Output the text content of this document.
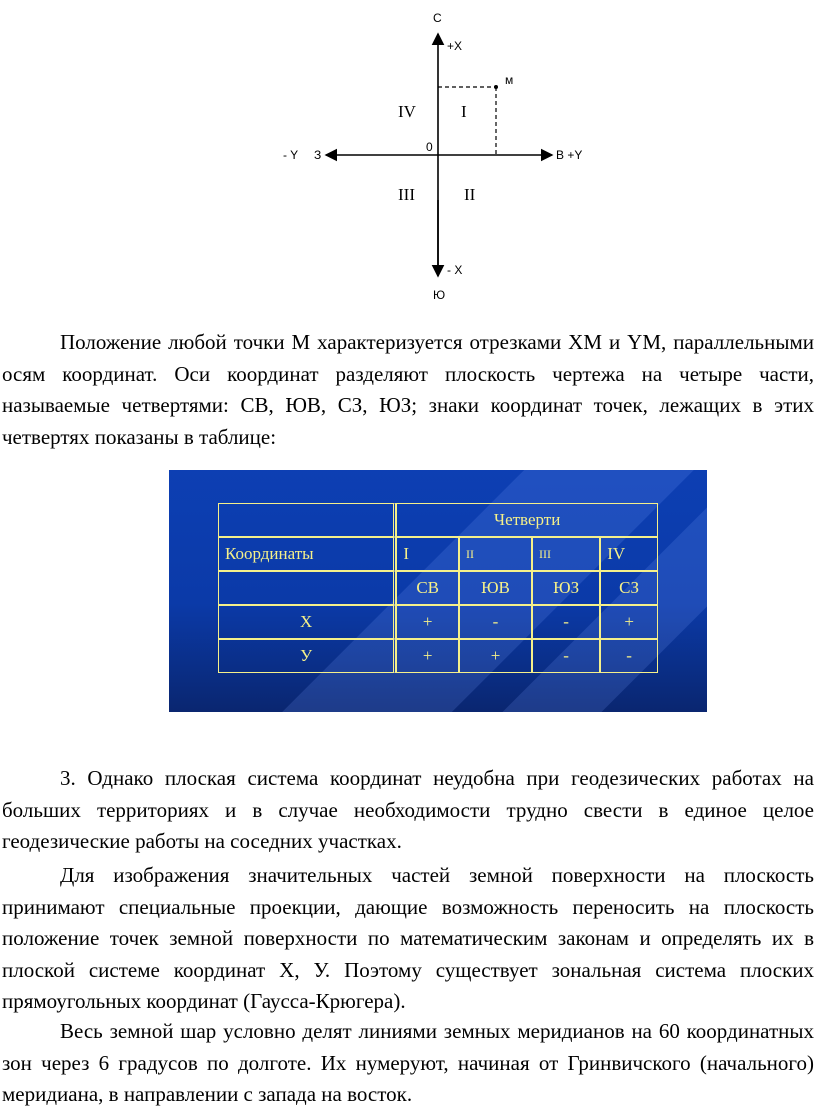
С
+X
м
IV	I
0
- Y З	В +Y
III	II
- X
Ю

Положение любой точки М характеризуется отрезками ХМ и YМ, параллельными осям координат. Оси координат разделяют плоскость чертежа на четыре части, называемые четвертями: СВ, ЮВ, СЗ, ЮЗ; знаки координат точек, лежащих в этих четвертях показаны в таблице:

	Четверти			
Координаты	I	II	III	IV
	СВ	ЮВ	ЮЗ	СЗ
Х	+	-	-	+
У	+	+	-	-

3. Однако плоская система координат неудобна при геодезических работах на больших территориях и в случае необходимости трудно свести в единое целое геодезические работы на соседних участках.

Для изображения значительных частей земной поверхности на плоскость принимают специальные проекции, дающие возможность переносить на плоскость положение точек земной поверхности по математическим законам и определять их в плоской системе координат Х, У. Поэтому существует зональная система плоских прямоугольных координат (Гаусса-Крюгера).

Весь земной шар условно делят линиями земных меридианов на 60 координатных зон через 6 градусов по долготе. Их нумеруют, начиная от Гринвичского (начального) меридиана, в направлении с запада на восток.
